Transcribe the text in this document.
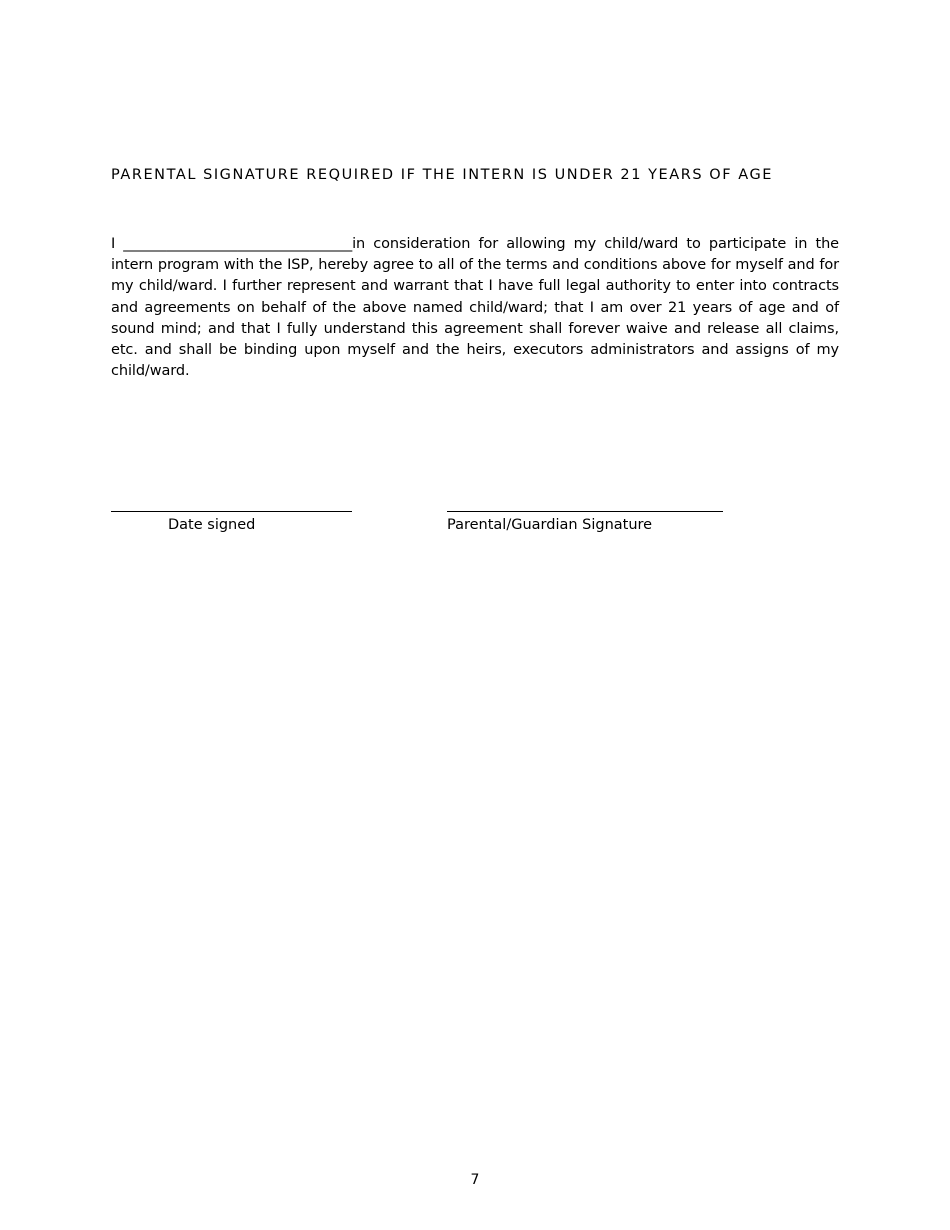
PARENTAL SIGNATURE REQUIRED IF THE INTERN IS UNDER 21 YEARS OF AGE

I ________________________________in consideration for allowing my child/ward to participate in the intern program with the ISP, hereby agree to all of the terms and conditions above for myself and for my child/ward. I further represent and warrant that I have full legal authority to enter into contracts and agreements on behalf of the above named child/ward; that I am over 21 years of age and of sound mind; and that I fully understand this agreement shall forever waive and release all claims, etc. and shall be binding upon myself and the heirs, executors administrators and assigns of my child/ward.

Date signed	Parental/Guardian Signature
7
